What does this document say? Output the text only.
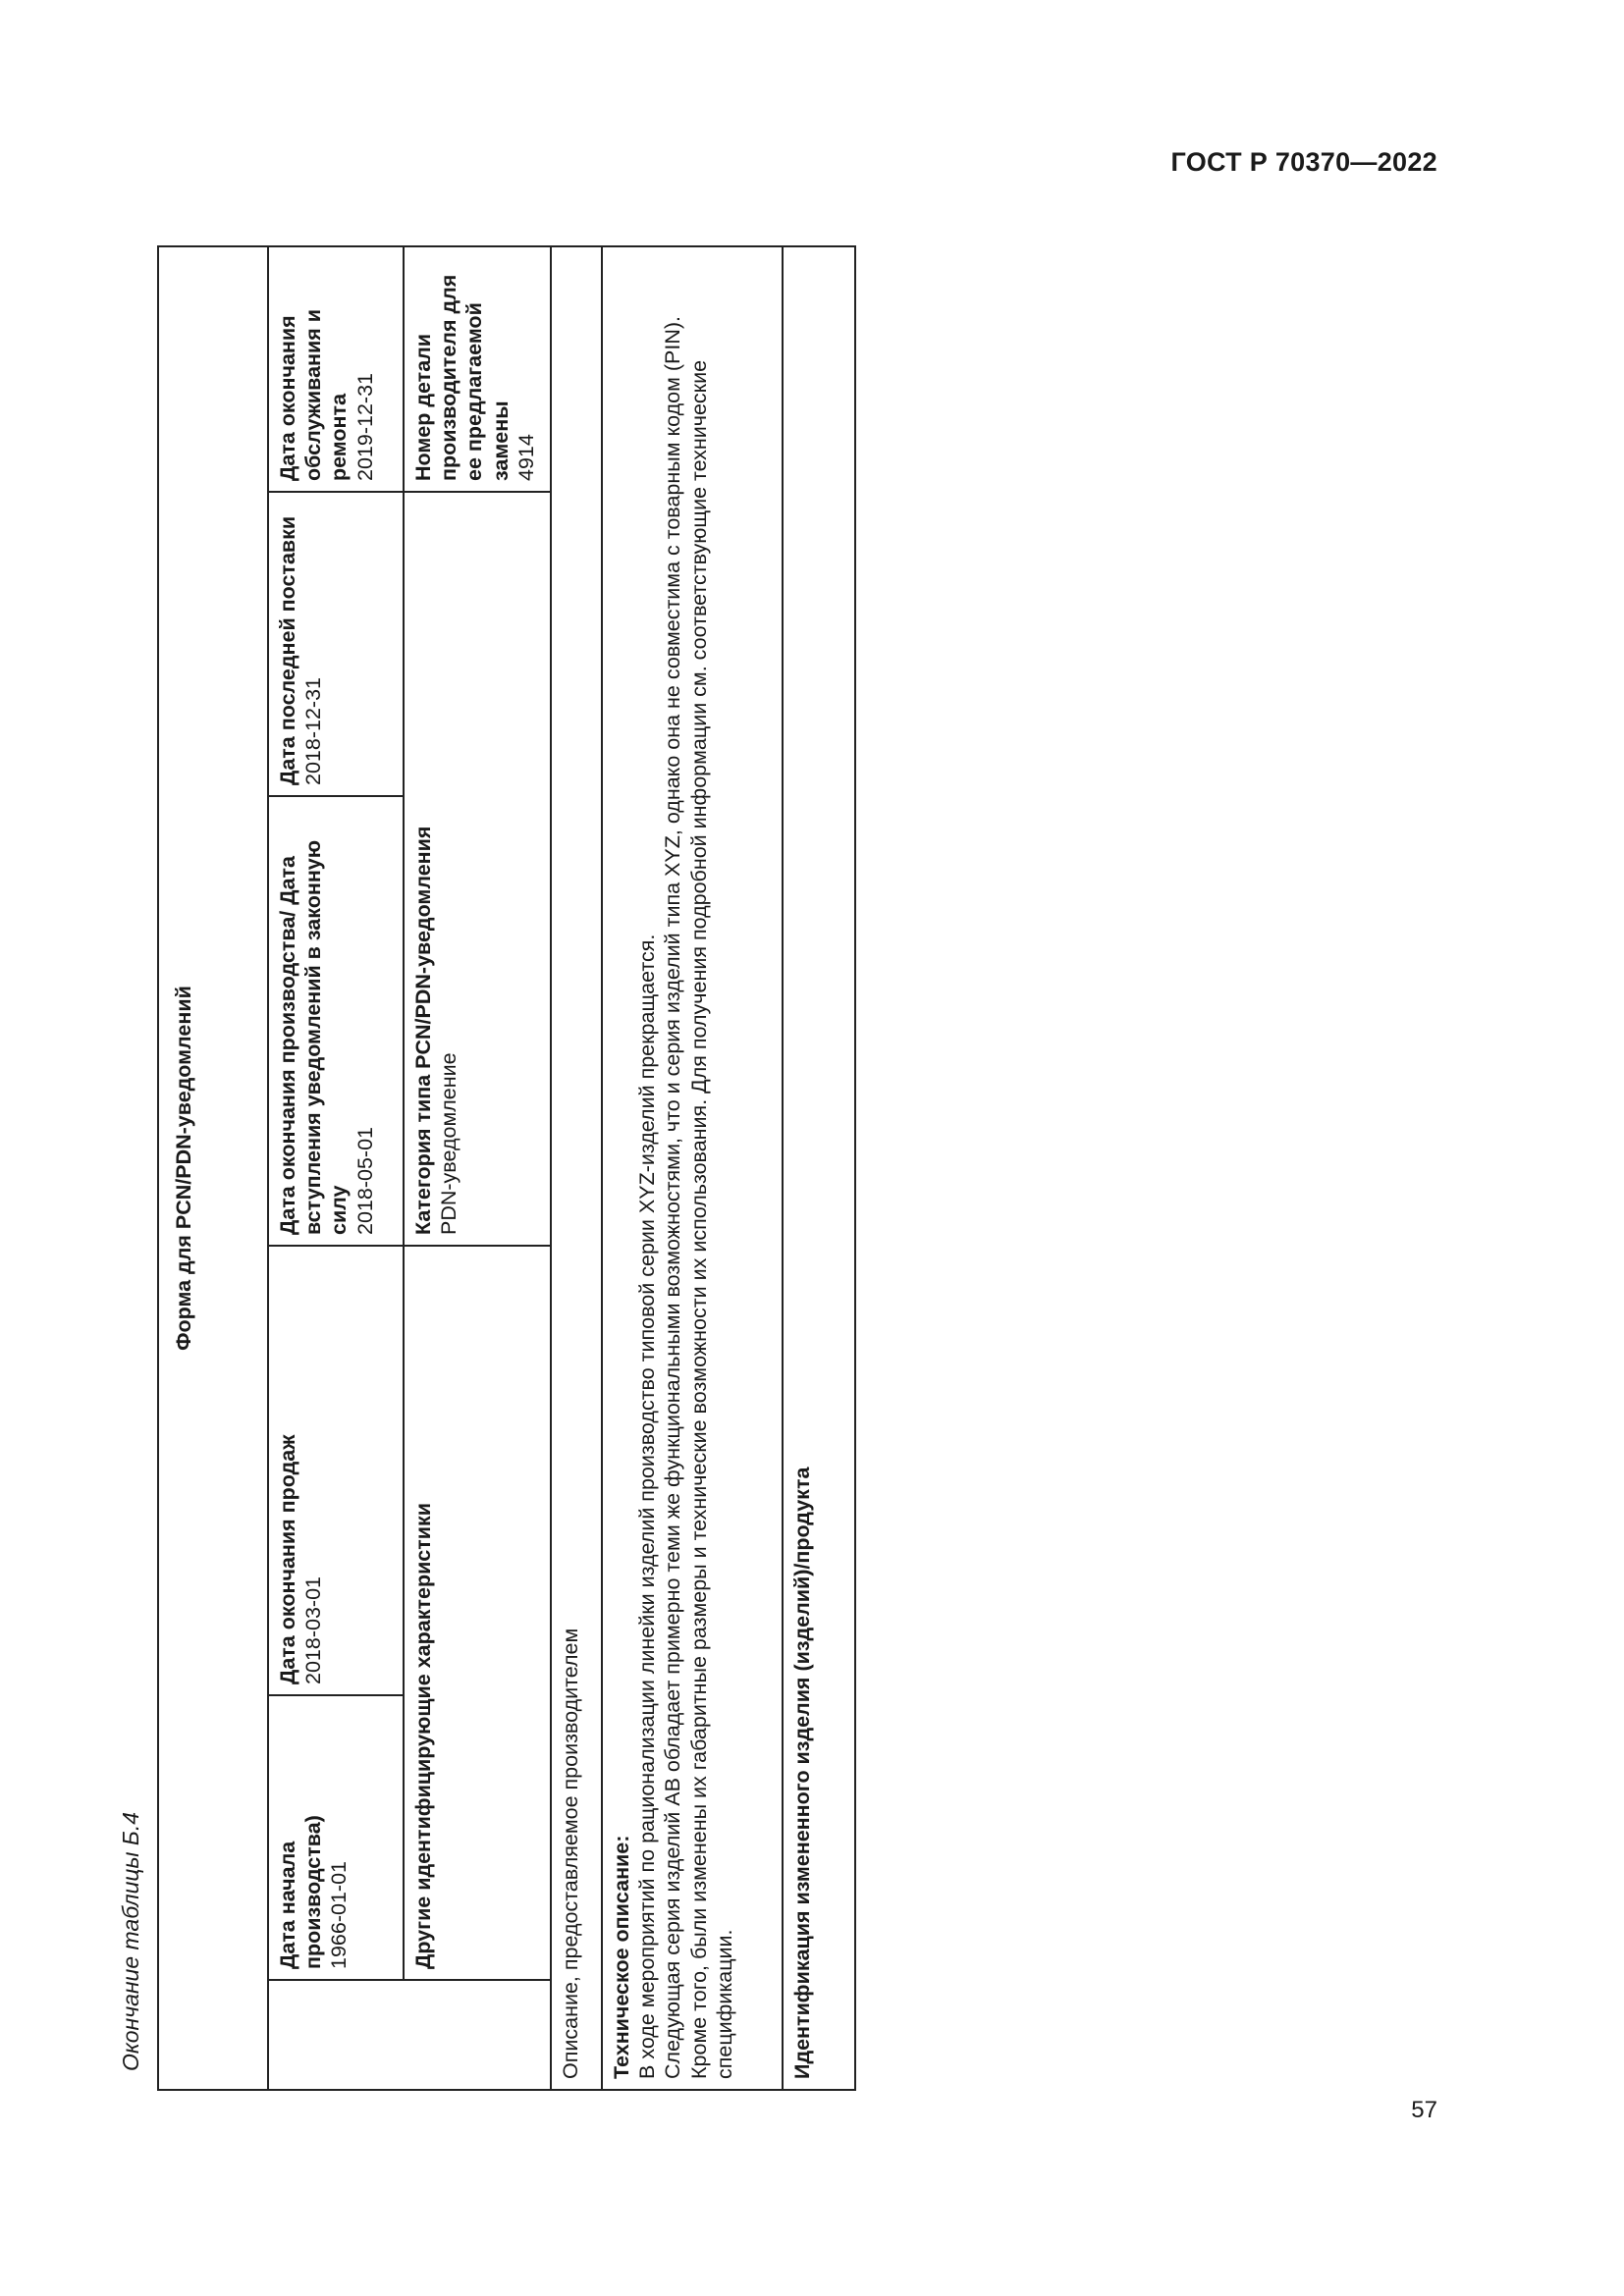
ГОСТ Р 70370—2022
Окончание таблицы Б.4
Форма для PCN/PDN-уведомлений					

	Дата начала производства) 1966-01-01	Дата окончания продаж 2018-03-01	Дата окончания производства/ Дата вступления уведомлений в законную силу 2018-05-01	Дата последней поставки 2018-12-31	Дата окончания обслуживания и ремонта 2019-12-31

	Другие идентифицирующие характеристики		Категория типа PCN/PDN-уведомления PDN-уведомление		Номер детали производителя для ее предлагаемой замены 4914

Описание, предоставляемое производителем					

Техническое описание: В ходе мероприятий по рационализации линейки изделий производство типовой серии XYZ-изделий прекращается. Следующая серия изделий АВ обладает примерно теми же функциональными возможностями, что и серия изделий типа XYZ, однако она не совместима с товарным кодом (PIN). Кроме того, были изменены их габаритные размеры и технические возможности их использования. Для получения подробной информации см. соответствующие технические спецификации.					

Идентификация измененного изделия (изделий)/продукта					
57
